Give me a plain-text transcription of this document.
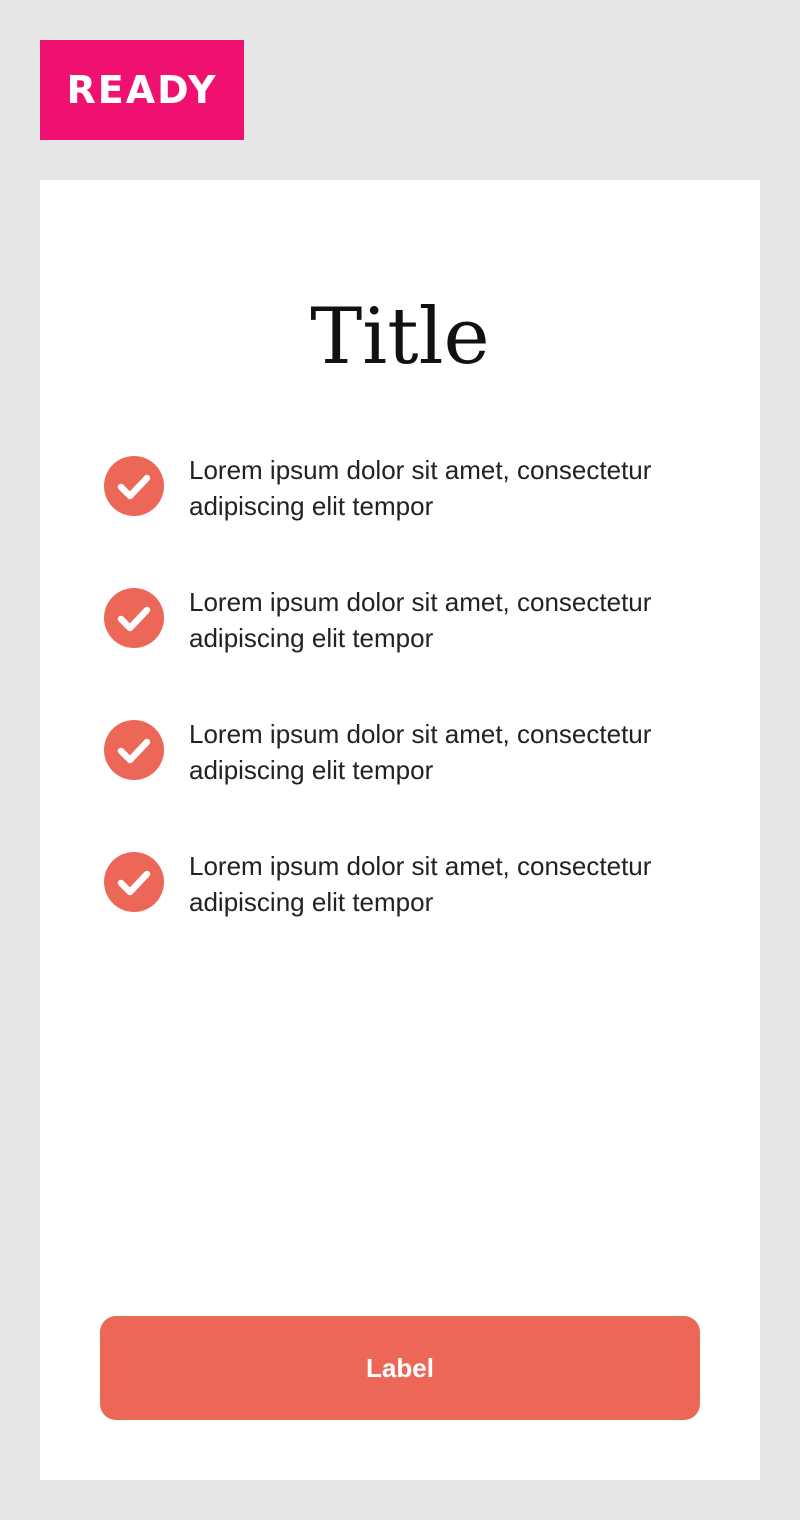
READY
Title
Lorem ipsum dolor sit amet, consectetur adipiscing elit tempor
Lorem ipsum dolor sit amet, consectetur adipiscing elit tempor
Lorem ipsum dolor sit amet, consectetur adipiscing elit tempor
Lorem ipsum dolor sit amet, consectetur adipiscing elit tempor
Label
